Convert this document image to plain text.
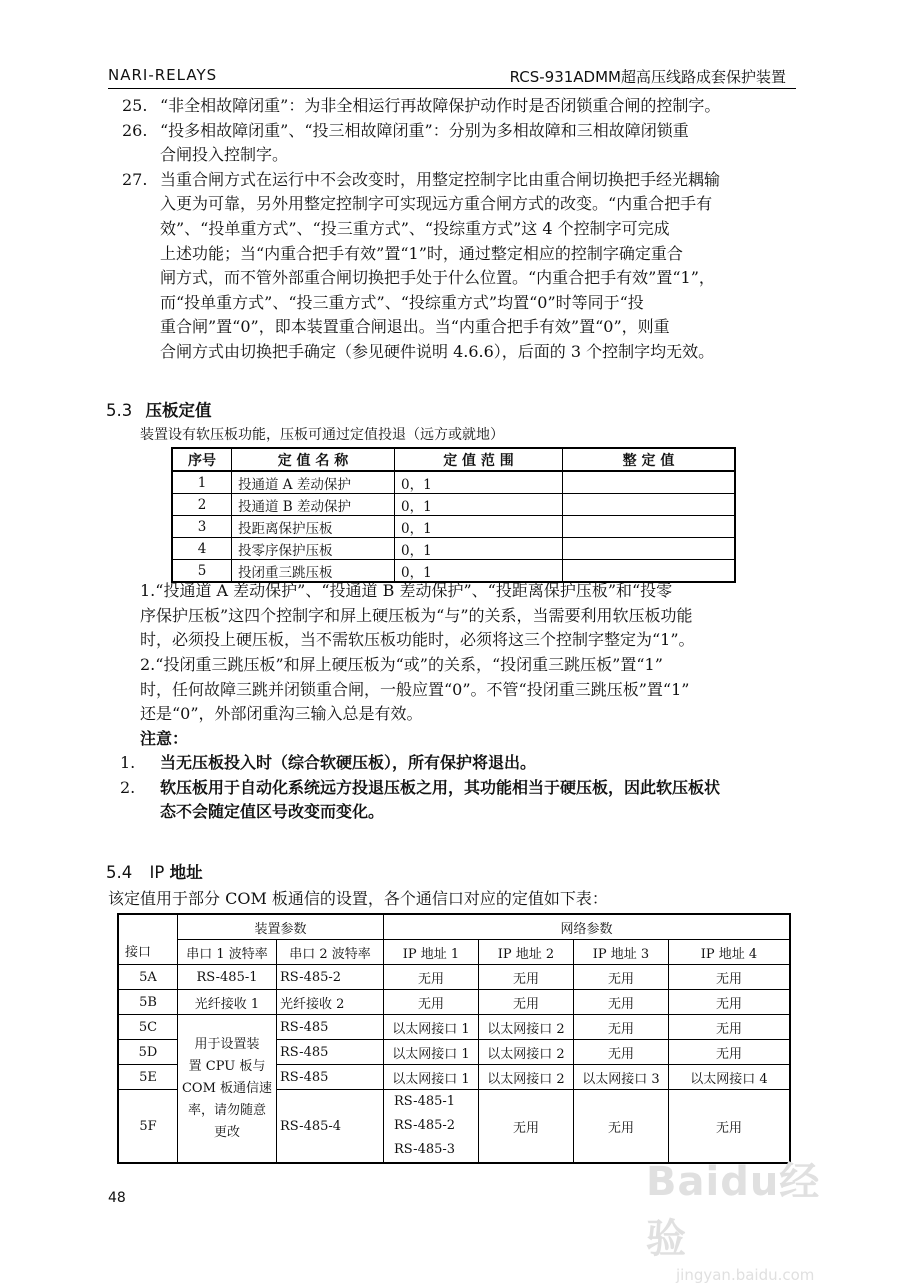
NARI-RELAYS	RCS-931ADMM超高压线路成套保护装置
25. “非全相故障闭重”：为非全相运行再故障保护动作时是否闭锁重合闸的控制字。
26. “投多相故障闭重”、“投三相故障闭重”：分别为多相故障和三相故障闭锁重
合闸投入控制字。
27. 当重合闸方式在运行中不会改变时，用整定控制字比由重合闸切换把手经光耦输
入更为可靠，另外用整定控制字可实现远方重合闸方式的改变。“内重合把手有
效”、“投单重方式”、“投三重方式”、“投综重方式”这 4 个控制字可完成
上述功能；当“内重合把手有效”置“1”时，通过整定相应的控制字确定重合
闸方式，而不管外部重合闸切换把手处于什么位置。“内重合把手有效”置“1”，
而“投单重方式”、“投三重方式”、“投综重方式”均置“0”时等同于“投
重合闸”置“0”，即本装置重合闸退出。当“内重合把手有效”置“0”，则重
合闸方式由切换把手确定（参见硬件说明 4.6.6），后面的 3 个控制字均无效。
5.3 压板定值
装置设有软压板功能，压板可通过定值投退（远方或就地）
序号	定 值 名 称	定 值 范 围	整 定 值
1	投通道 A 差动保护	0，1	
2	投通道 B 差动保护	0，1	
3	投距离保护压板	0，1	
4	投零序保护压板	0，1	
5	投闭重三跳压板	0，1	
1.“投通道 A 差动保护”、“投通道 B 差动保护”、“投距离保护压板”和“投零
序保护压板”这四个控制字和屏上硬压板为“与”的关系，当需要利用软压板功能
时，必须投上硬压板，当不需软压板功能时，必须将这三个控制字整定为“1”。
2.“投闭重三跳压板”和屏上硬压板为“或”的关系，“投闭重三跳压板”置“1”
时，任何故障三跳并闭锁重合闸，一般应置“0”。不管“投闭重三跳压板”置“1”
还是“0”，外部闭重沟三输入总是有效。
注意：
1. 当无压板投入时（综合软硬压板），所有保护将退出。
2. 软压板用于自动化系统远方投退压板之用，其功能相当于硬压板，因此软压板状
态不会随定值区号改变而变化。
5.4 IP 地址
该定值用于部分 COM 板通信的设置，各个通信口对应的定值如下表：
接口	装置参数		网络参数			
	串口 1 波特率	串口 2 波特率	IP 地址 1	IP 地址 2	IP 地址 3	IP 地址 4
5A	RS-485-1	RS-485-2	无用	无用	无用	无用
5B	光纤接收 1	光纤接收 2	无用	无用	无用	无用
5C	用于设置装
置 CPU 板与
COM 板通信速
率，请勿随意
更改	RS-485	以太网接口 1	以太网接口 2	无用	无用
5D		RS-485	以太网接口 1	以太网接口 2	无用	无用
5E		RS-485	以太网接口 1	以太网接口 2	以太网接口 3	以太网接口 4
5F		RS-485-4	RS-485-1
RS-485-2
RS-485-3	无用	无用	无用
48	Baidu经验
jingyan.baidu.com
